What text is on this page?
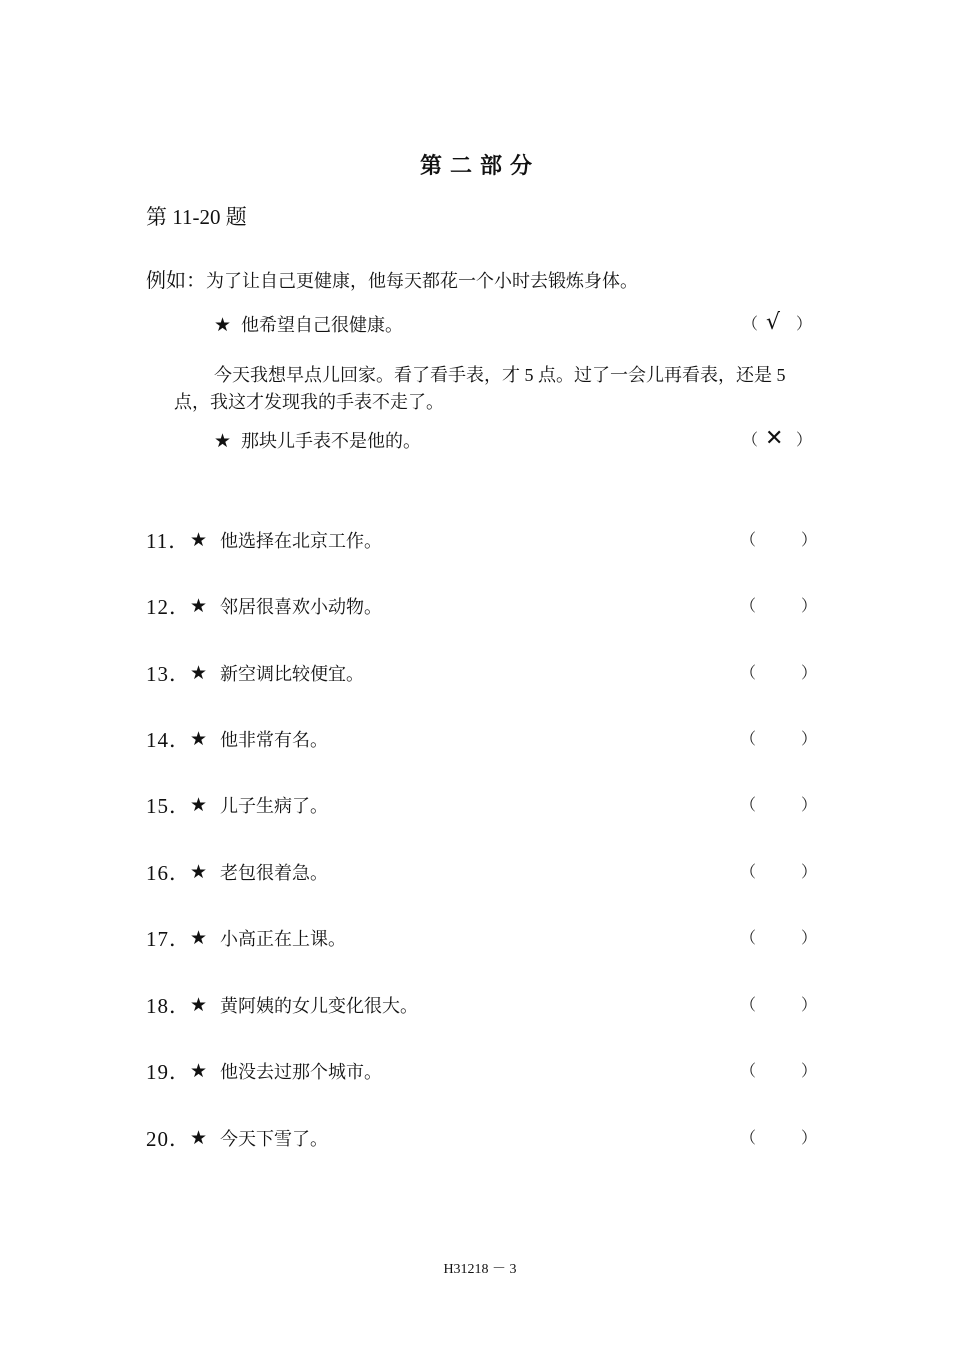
第二部分
第 11-20 题
例如：为了让自己更健康，他每天都花一个小时去锻炼身体。
★ 他希望自己很健康。	（ √ ）
今天我想早点儿回家。看了看手表，才 5 点。过了一会儿再看表，还是 5 点，我这才发现我的手表不走了。
★ 那块儿手表不是他的。	（ ✕ ）
11． ★ 他选择在北京工作。	（	）
12． ★ 邻居很喜欢小动物。	（	）
13． ★ 新空调比较便宜。	（	）
14． ★ 他非常有名。	（	）
15． ★ 儿子生病了。	（	）
16． ★ 老包很着急。	（	）
17． ★ 小高正在上课。	（	）
18． ★ 黄阿姨的女儿变化很大。	（	）
19． ★ 他没去过那个城市。	（	）
20． ★ 今天下雪了。	（	）
H31218 － 3
